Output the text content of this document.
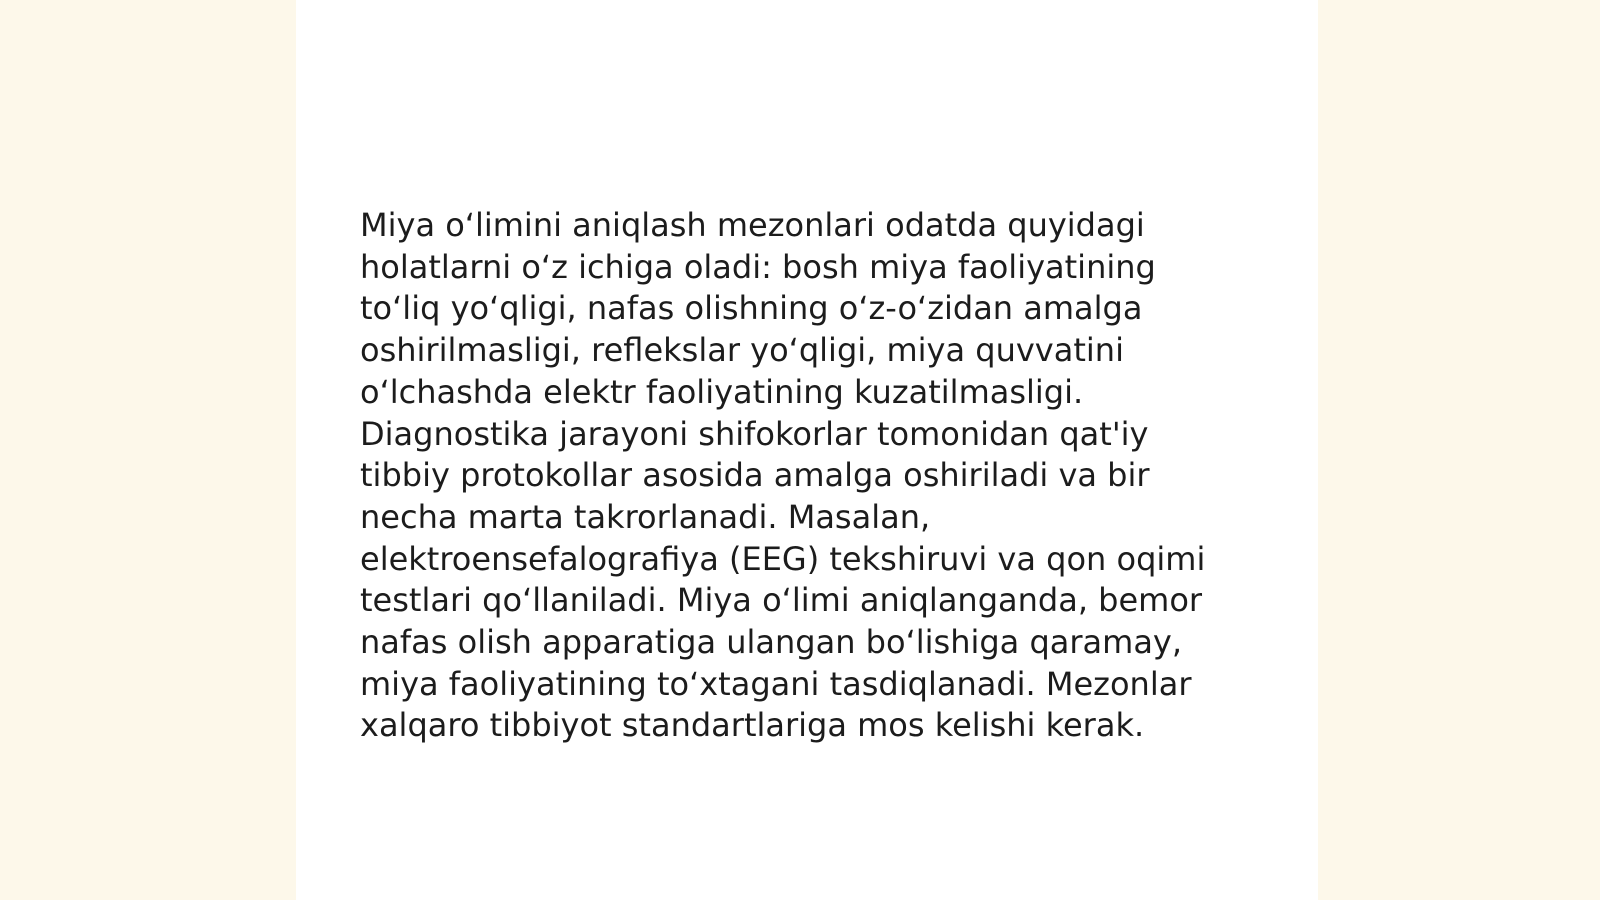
Miya oʻlimini aniqlash mezonlari odatda quyidagi
holatlarni oʻz ichiga oladi: bosh miya faoliyatining
toʻliq yoʻqligi, nafas olishning oʻz-oʻzidan amalga
oshirilmasligi, reflekslar yoʻqligi, miya quvvatini
oʻlchashda elektr faoliyatining kuzatilmasligi.
Diagnostika jarayoni shifokorlar tomonidan qat'iy
tibbiy protokollar asosida amalga oshiriladi va bir
necha marta takrorlanadi. Masalan,
elektroensefalografiya (EEG) tekshiruvi va qon oqimi
testlari qoʻllaniladi. Miya oʻlimi aniqlanganda, bemor
nafas olish apparatiga ulangan boʻlishiga qaramay,
miya faoliyatining toʻxtagani tasdiqlanadi. Mezonlar
xalqaro tibbiyot standartlariga mos kelishi kerak.
